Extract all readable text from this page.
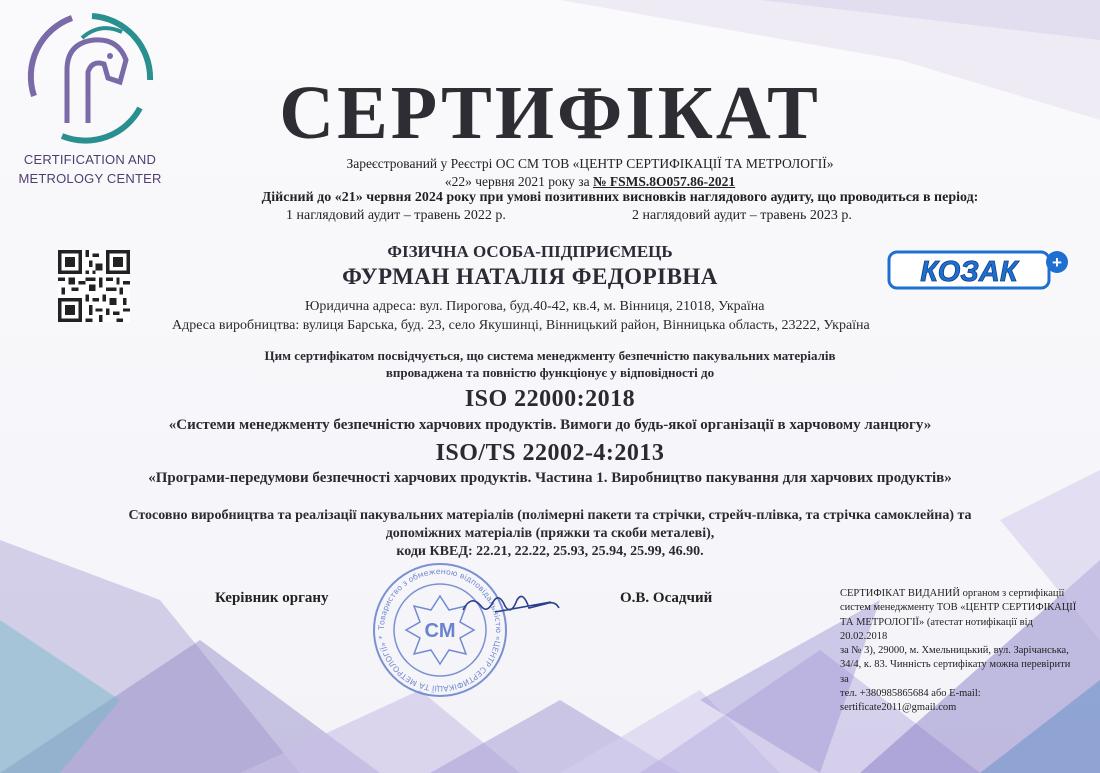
CERTIFICATION AND
METROLOGY CENTER
СЕРТИФІКАТ
Зареєстрований у Реєстрі ОС СМ ТОВ «ЦЕНТР СЕРТИФІКАЦІЇ ТА МЕТРОЛОГІЇ»
«22» червня 2021 року за № FSMS.8О057.86-2021
Дійсний до «21» червня 2024 року при умові позитивних висновків наглядового аудиту, що проводиться в період:
1 наглядовий аудит – травень 2022 р.	2 наглядовий аудит – травень 2023 р.
ФІЗИЧНА ОСОБА-ПІДПРИЄМЕЦЬ
ФУРМАН НАТАЛІЯ ФЕДОРІВНА	КОЗАК +
Юридична адреса: вул. Пирогова, буд.40-42, кв.4, м. Вінниця, 21018, Україна
Адреса виробництва: вулиця Барська, буд. 23, село Якушинці, Вінницький район, Вінницька область, 23222, Україна
Цим сертифікатом посвідчується, що система менеджменту безпечністю пакувальних матеріалів
впроваджена та повністю функціонує у відповідності до
ISO 22000:2018
«Системи менеджменту безпечністю харчових продуктів. Вимоги до будь-якої організації в харчовому ланцюгу»
ISO/TS 22002-4:2013
«Програми-передумови безпечності харчових продуктів. Частина 1. Виробництво пакування для харчових продуктів»
Стосовно виробництва та реалізації пакувальних матеріалів (полімерні пакети та стрічки, стрейч-плівка, та стрічка самоклейна) та
допоміжних матеріалів (пряжки та скоби металеві),
коди КВЕД: 22.21, 22.22, 25.93, 25.94, 25.99, 46.90.
Товариство з обмеженою відповідальністю «ЦЕНТР СЕРТИФІКАЦІЇ ТА МЕТРОЛОГІЇ» *	CM
Керівник органу	О.В. Осадчий	СЕРТИФІКАТ ВИДАНИЙ органом з сертифікації
систем менеджменту ТОВ «ЦЕНТР СЕРТИФІКАЦІЇ
ТА МЕТРОЛОГІЇ» (атестат нотифікації від 20.02.2018
за № 3), 29000, м. Хмельницький, вул. Зарічанська,
34/4, к. 83. Чинність сертифікату можна перевірити за
тел. +380985865684 або E-mail:
sertificate2011@gmail.com
